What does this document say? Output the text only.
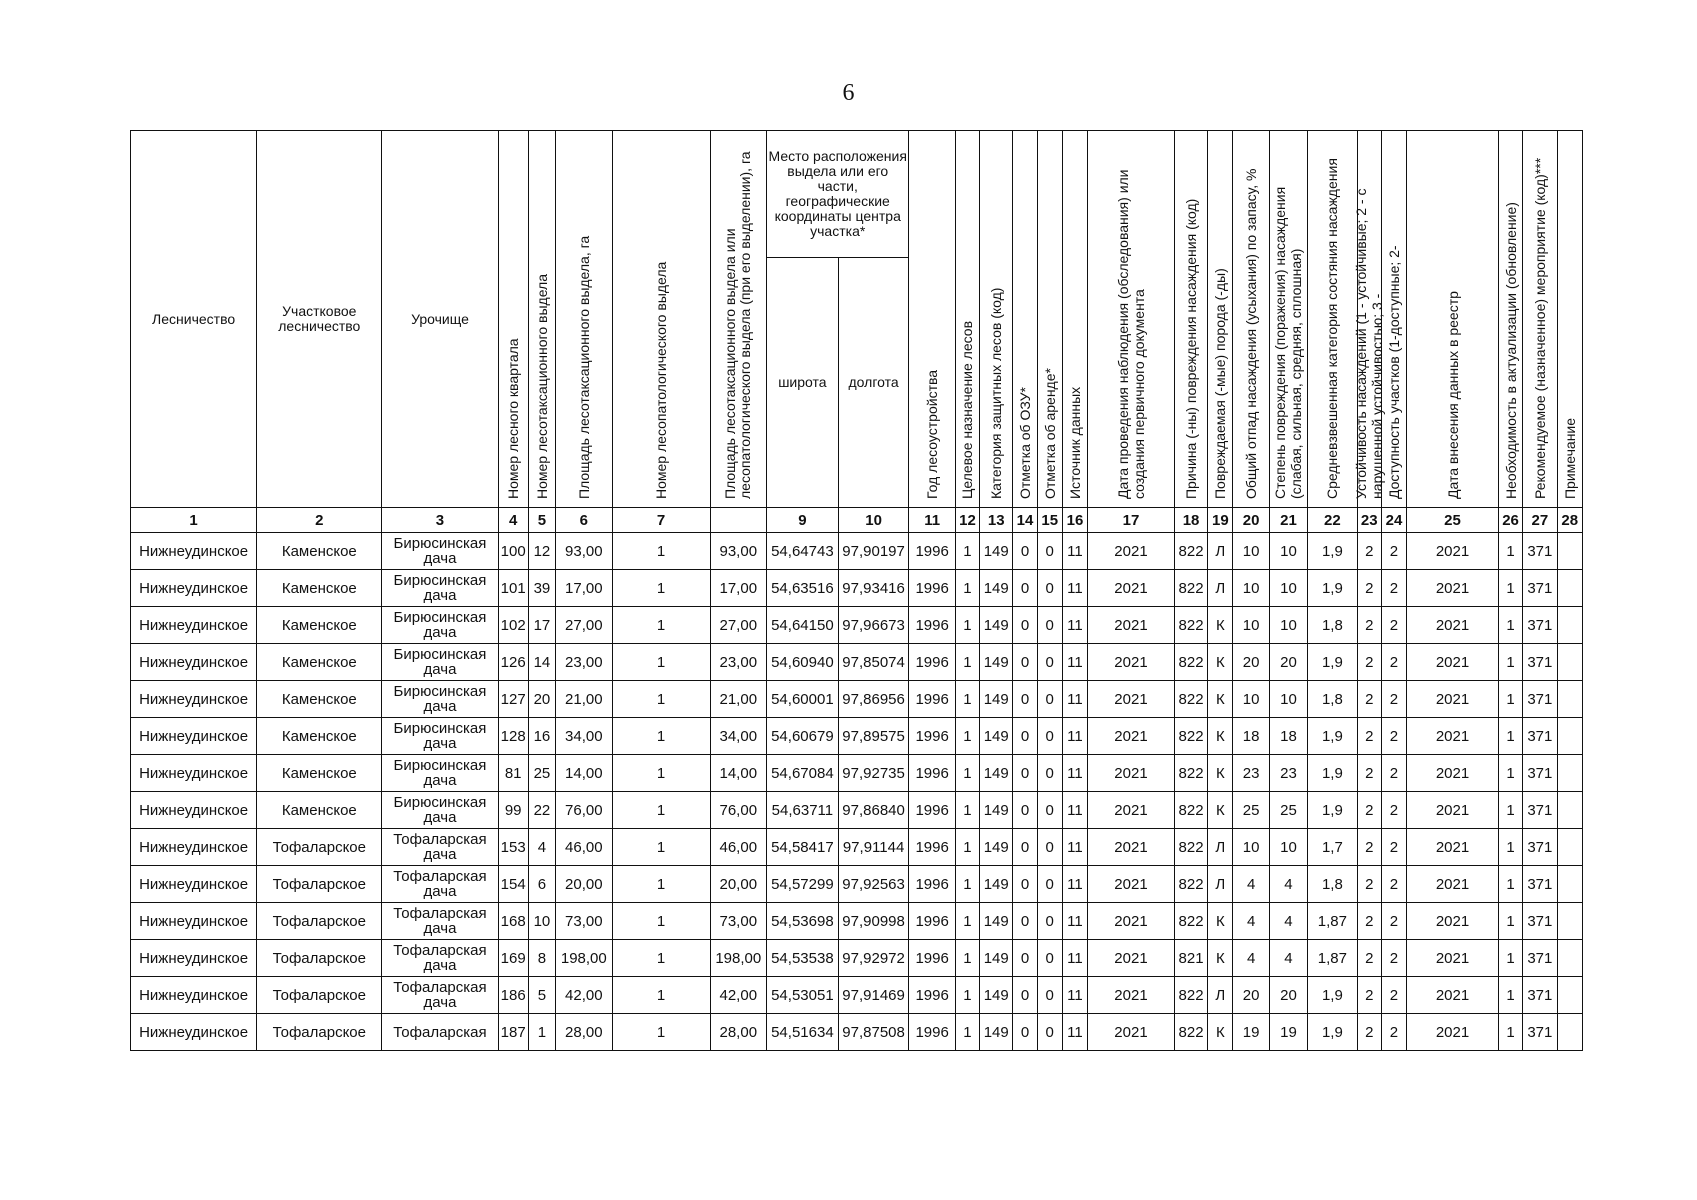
6
Лесничество	Участковое лесничество	Урочище	Номер лесного квартала	Номер лесотаксационного выдела	Площадь лесотаксационного выдела, га	Номер лесопатологического выдела	Площадь лесотаксационного выдела или лесопатологического выдела (при его выделении), га	Место расположения выдела или его части, географические координаты центра участка*		Год лесоустройства	Целевое назначение лесов	Категория защитных лесов (код)	Отметка об ОЗУ*	Отметка об аренде*	Источник данных	Дата проведения наблюдения (обследования) или создания первичного документа	Причина (-ны) повреждения насаждения (код)	Повреждаемая (-мые) порода (-ды)	Общий отпад насаждения (усыхания) по запасу, %	Степень повреждения (поражения) насаждения (слабая, сильная, средняя, сплошная)	Средневзвешенная категория состяния насаждения	Устойчивость насаждений (1 - устойчивые; 2 - с нарушенной устойчивостью; 3 -	Доступность участков (1-доступные; 2-	Дата внесения данных в реестр	Необходимость в актуализации (обновление)	Рекомендуемое (назначенное) мероприятие (код)***	Примечание

								широта	долгота																		
1	2	3	4	5	6	7		9	10	11	12	13	14	15	16	17	18	19	20	21	22	23	24	25	26	27	28
Нижнеудинское	Каменское	Бирюсинская дача	100	12	93,00	1	93,00	54,64743	97,90197	1996	1	149	0	0	11	2021	822	Л	10	10	1,9	2	2	2021	1	371	
Нижнеудинское	Каменское	Бирюсинская дача	101	39	17,00	1	17,00	54,63516	97,93416	1996	1	149	0	0	11	2021	822	Л	10	10	1,9	2	2	2021	1	371	
Нижнеудинское	Каменское	Бирюсинская дача	102	17	27,00	1	27,00	54,64150	97,96673	1996	1	149	0	0	11	2021	822	К	10	10	1,8	2	2	2021	1	371	
Нижнеудинское	Каменское	Бирюсинская дача	126	14	23,00	1	23,00	54,60940	97,85074	1996	1	149	0	0	11	2021	822	К	20	20	1,9	2	2	2021	1	371	
Нижнеудинское	Каменское	Бирюсинская дача	127	20	21,00	1	21,00	54,60001	97,86956	1996	1	149	0	0	11	2021	822	К	10	10	1,8	2	2	2021	1	371	
Нижнеудинское	Каменское	Бирюсинская дача	128	16	34,00	1	34,00	54,60679	97,89575	1996	1	149	0	0	11	2021	822	К	18	18	1,9	2	2	2021	1	371	
Нижнеудинское	Каменское	Бирюсинская дача	81	25	14,00	1	14,00	54,67084	97,92735	1996	1	149	0	0	11	2021	822	К	23	23	1,9	2	2	2021	1	371	
Нижнеудинское	Каменское	Бирюсинская дача	99	22	76,00	1	76,00	54,63711	97,86840	1996	1	149	0	0	11	2021	822	К	25	25	1,9	2	2	2021	1	371	
Нижнеудинское	Тофаларское	Тофаларская дача	153	4	46,00	1	46,00	54,58417	97,91144	1996	1	149	0	0	11	2021	822	Л	10	10	1,7	2	2	2021	1	371	
Нижнеудинское	Тофаларское	Тофаларская дача	154	6	20,00	1	20,00	54,57299	97,92563	1996	1	149	0	0	11	2021	822	Л	4	4	1,8	2	2	2021	1	371	
Нижнеудинское	Тофаларское	Тофаларская дача	168	10	73,00	1	73,00	54,53698	97,90998	1996	1	149	0	0	11	2021	822	К	4	4	1,87	2	2	2021	1	371	
Нижнеудинское	Тофаларское	Тофаларская дача	169	8	198,00	1	198,00	54,53538	97,92972	1996	1	149	0	0	11	2021	821	К	4	4	1,87	2	2	2021	1	371	
Нижнеудинское	Тофаларское	Тофаларская дача	186	5	42,00	1	42,00	54,53051	97,91469	1996	1	149	0	0	11	2021	822	Л	20	20	1,9	2	2	2021	1	371	
Нижнеудинское	Тофаларское	Тофаларская	187	1	28,00	1	28,00	54,51634	97,87508	1996	1	149	0	0	11	2021	822	К	19	19	1,9	2	2	2021	1	371	
